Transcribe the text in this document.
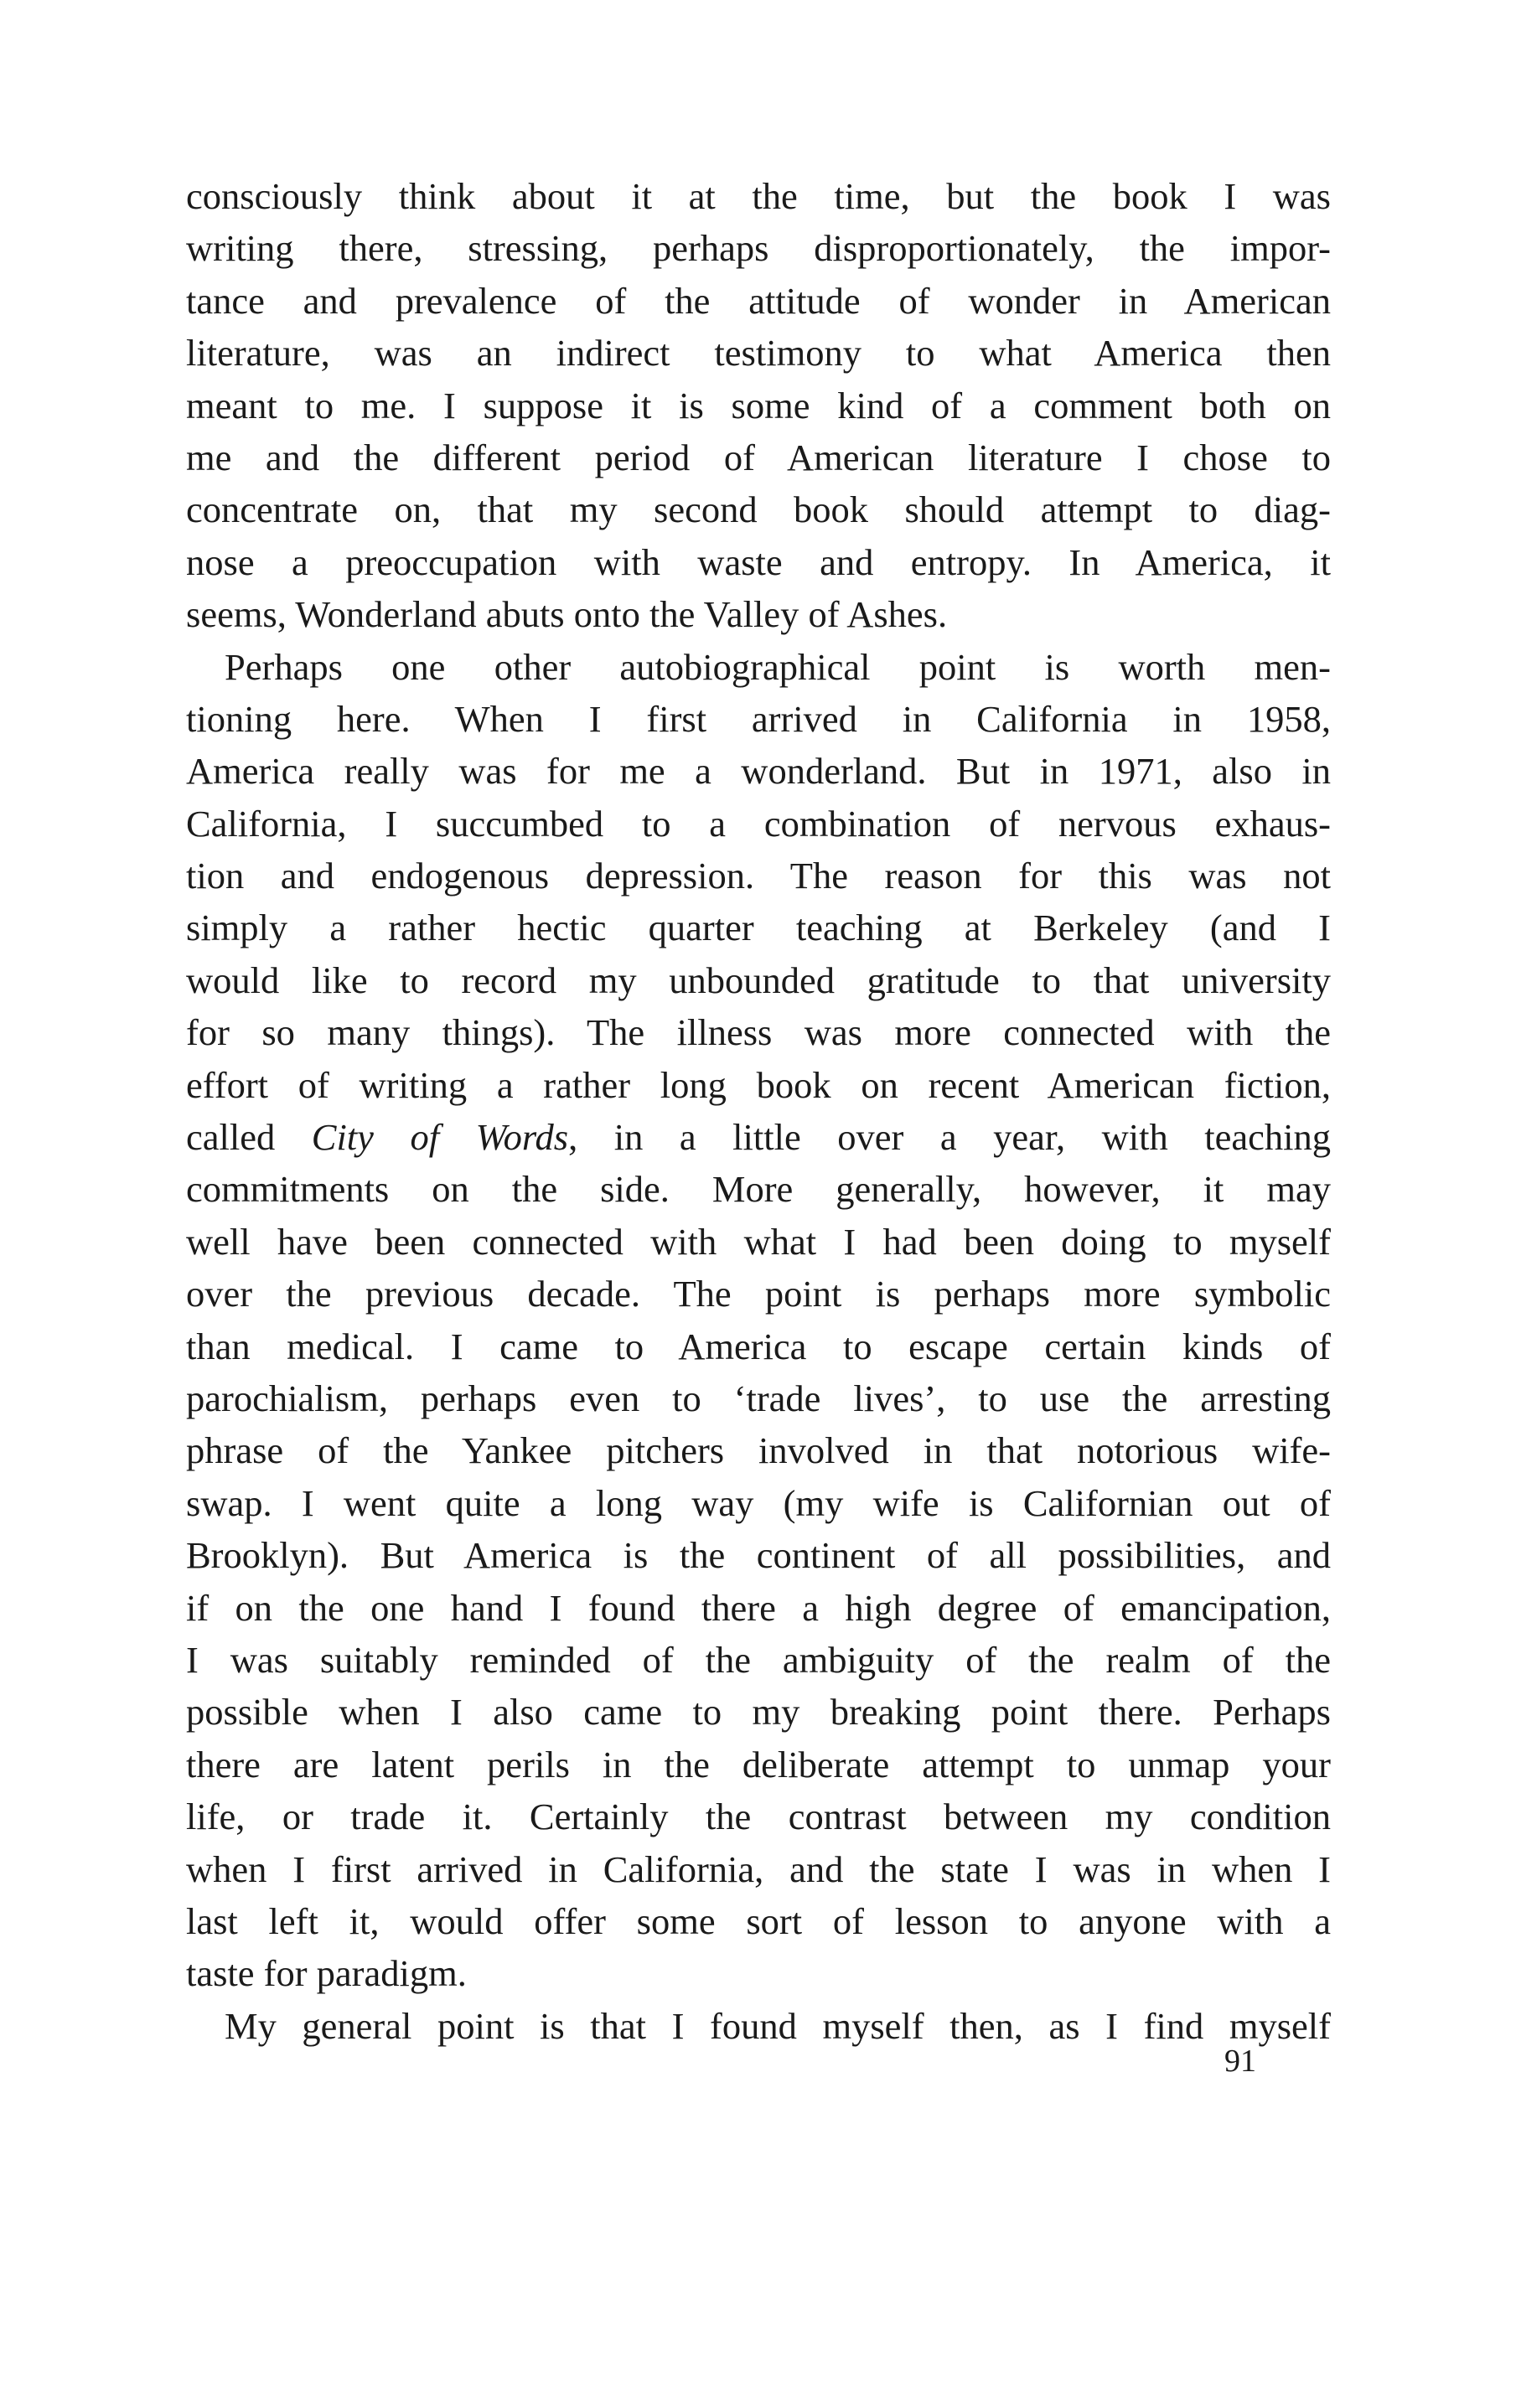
consciously think about it at the time, but the book I was
writing there, stressing, perhaps disproportionately, the impor-
tance and prevalence of the attitude of wonder in American
literature, was an indirect testimony to what America then
meant to me. I suppose it is some kind of a comment both on
me and the different period of American literature I chose to
concentrate on, that my second book should attempt to diag-
nose a preoccupation with waste and entropy. In America, it
seems, Wonderland abuts onto the Valley of Ashes.
Perhaps one other autobiographical point is worth men-
tioning here. When I first arrived in California in 1958,
America really was for me a wonderland. But in 1971, also in
California, I succumbed to a combination of nervous exhaus-
tion and endogenous depression. The reason for this was not
simply a rather hectic quarter teaching at Berkeley (and I
would like to record my unbounded gratitude to that university
for so many things). The illness was more connected with the
effort of writing a rather long book on recent American fiction,
called City of Words, in a little over a year, with teaching
commitments on the side. More generally, however, it may
well have been connected with what I had been doing to myself
over the previous decade. The point is perhaps more symbolic
than medical. I came to America to escape certain kinds of
parochialism, perhaps even to ‘trade lives’, to use the arresting
phrase of the Yankee pitchers involved in that notorious wife-
swap. I went quite a long way (my wife is Californian out of
Brooklyn). But America is the continent of all possibilities, and
if on the one hand I found there a high degree of emancipation,
I was suitably reminded of the ambiguity of the realm of the
possible when I also came to my breaking point there. Perhaps
there are latent perils in the deliberate attempt to unmap your
life, or trade it. Certainly the contrast between my condition
when I first arrived in California, and the state I was in when I
last left it, would offer some sort of lesson to anyone with a
taste for paradigm.
My general point is that I found myself then, as I find myself
91
